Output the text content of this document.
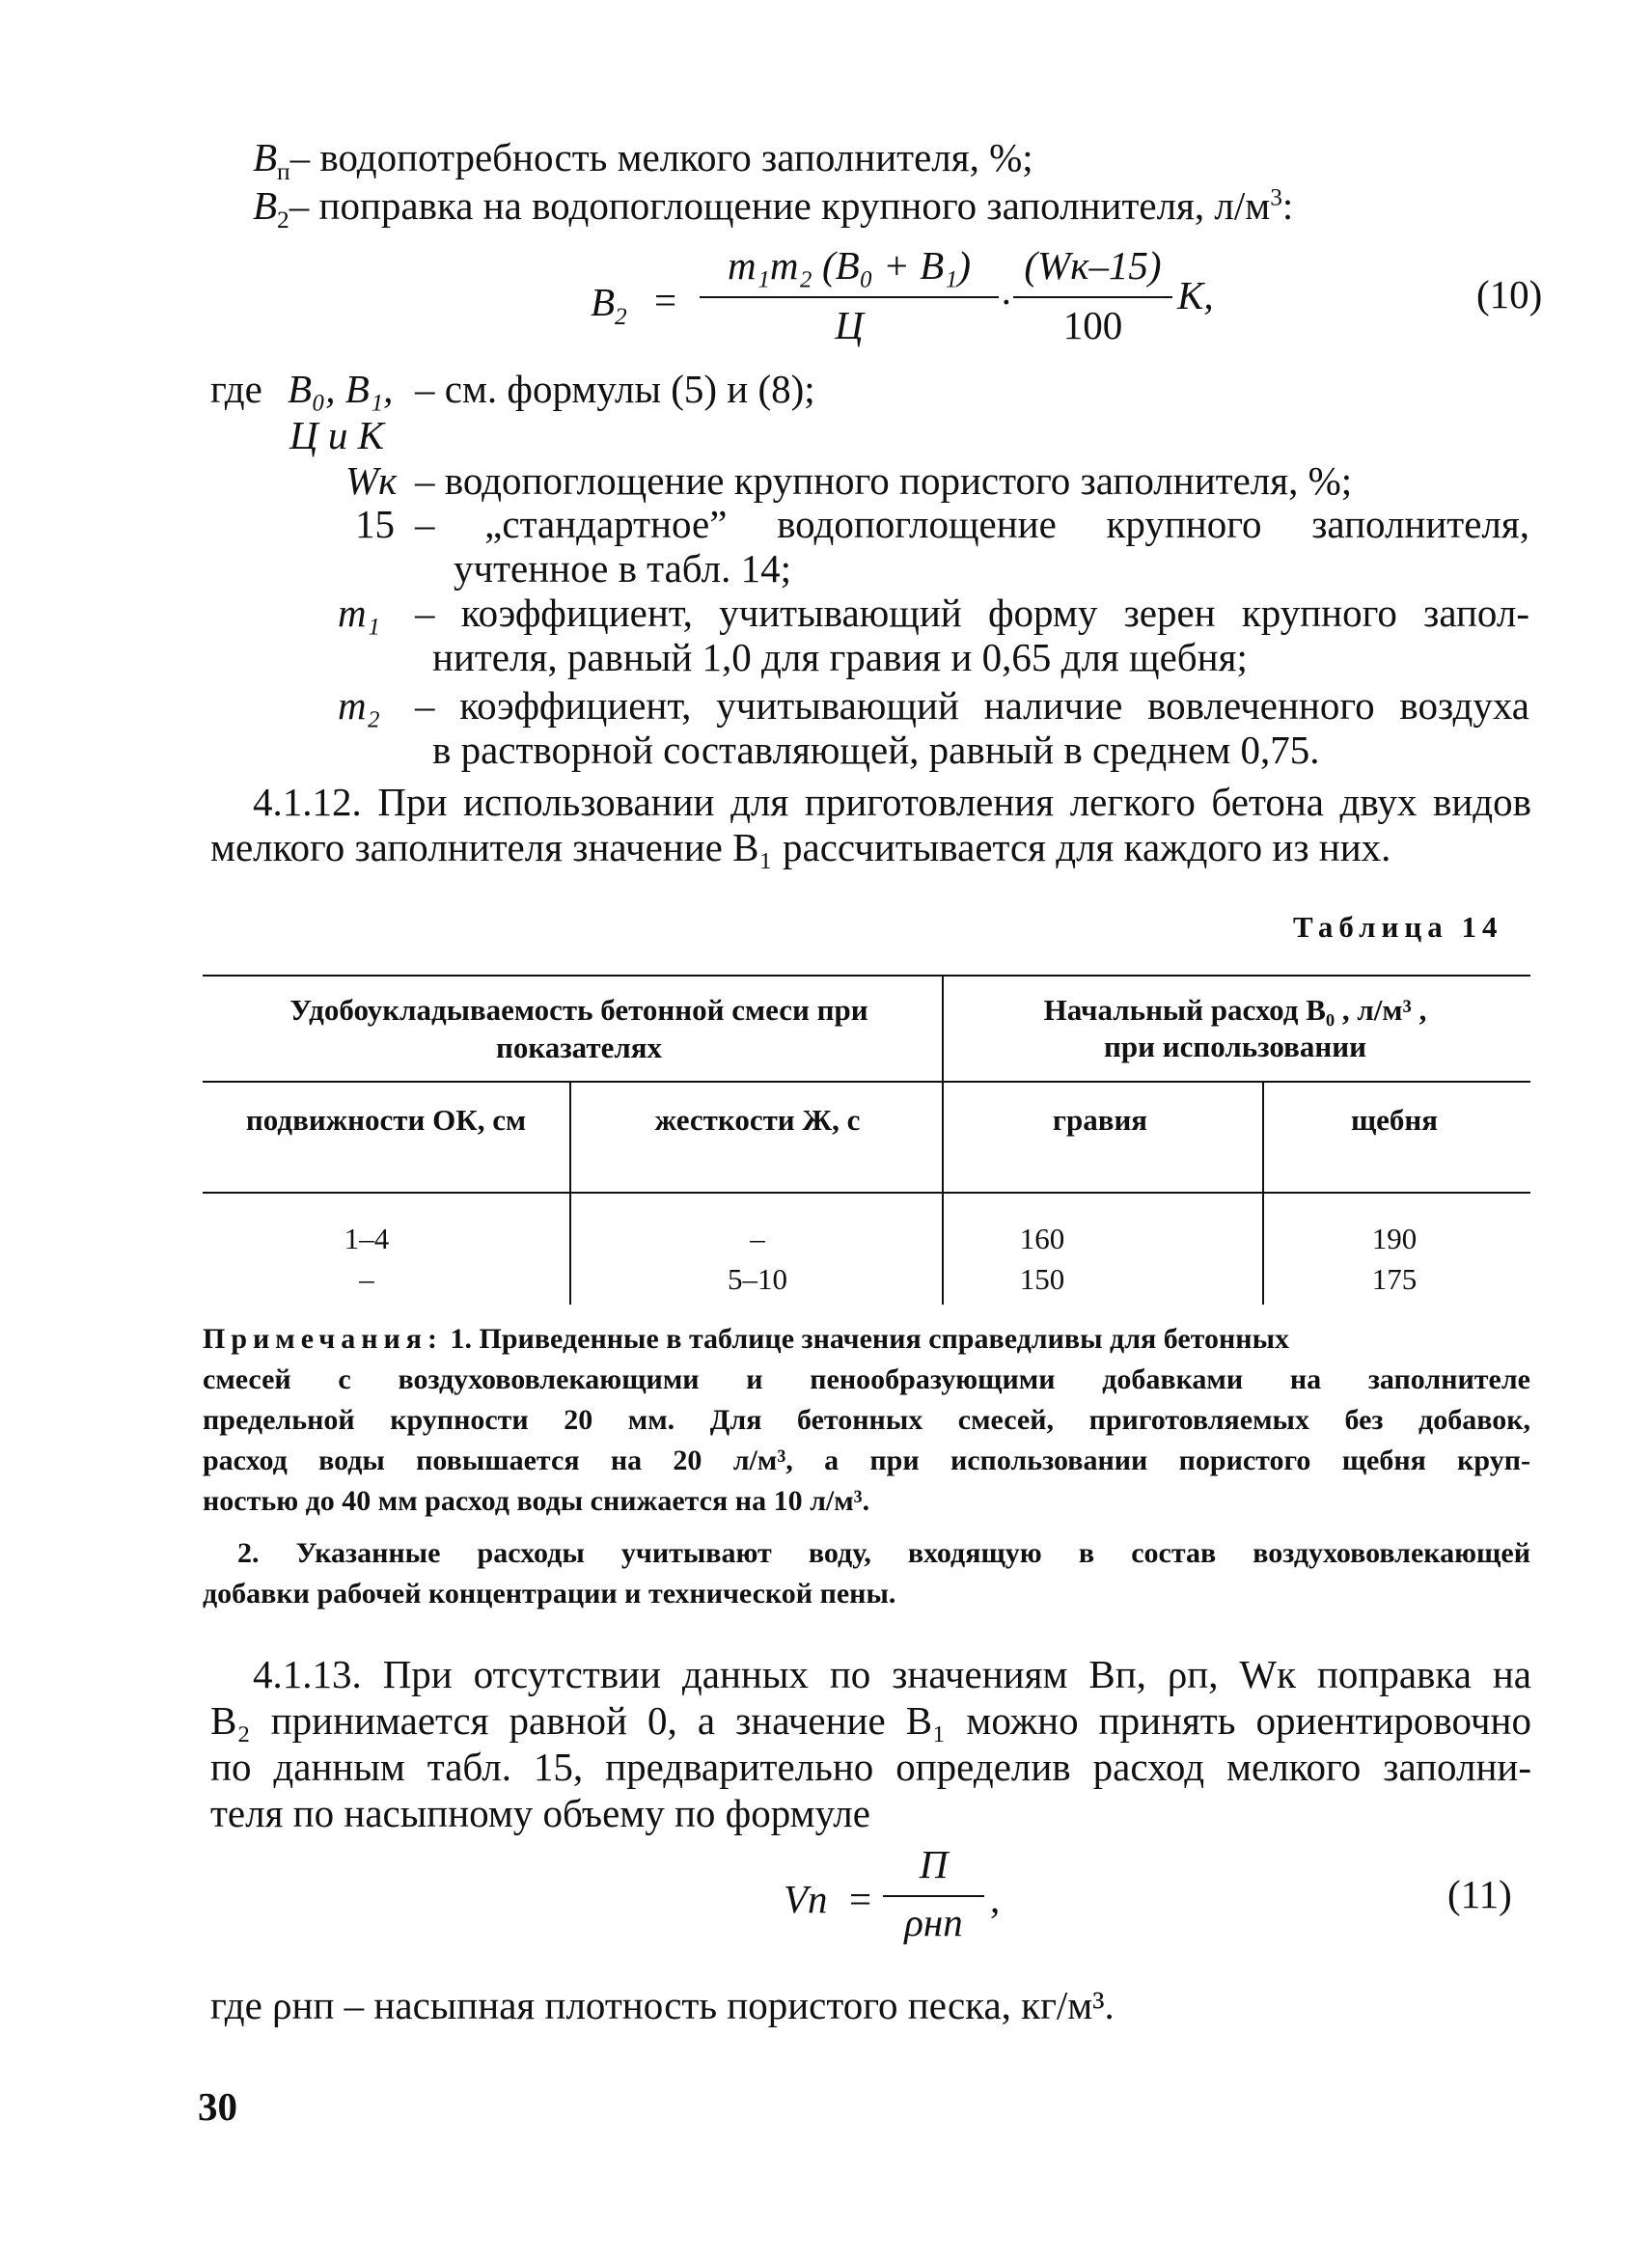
$B_п-$ водопотребность мелкого заполнителя, %;
$B_2-$ поправка на водопоглощение крупного заполнителя, $л/м^3$:
$B_2$ =
m₁m₂ (B₀ + B₁)
Ц
·
(Wк–15)
100
K,	(10)
где B₀, B₁, – см. формулы (5) и (8);
Ц и К
Wк – водопоглощение крупного пористого заполнителя, %;
15 – „стандартное” водопоглощение крупного заполнителя,
учтенное в табл. 14;
m₁ – коэффициент, учитывающий форму зерен крупного запол-
нителя, равный 1,0 для гравия и 0,65 для щебня;
m₂ – коэффициент, учитывающий наличие вовлеченного воздуха
в растворной составляющей, равный в среднем 0,75.
4.1.12. При использовании для приготовления легкого бетона двух видов
мелкого заполнителя значение B₁ рассчитывается для каждого из них.
Таблица 14
Удобоукладываемость бетонной смеси при показателях
Начальный расход B₀ , л/м³ ,
при использовании
подвижности ОК, см	жесткости Ж, с	гравия	щебня
1–4	–	160	190
–	5–10	150	175
Примечания: 1. Приведенные в таблице значения справедливы для бетонных
смесей с воздухововлекающими и пенообразующими добавками на заполнителе
предельной крупности 20 мм. Для бетонных смесей, приготовляемых без добавок,
расход воды повышается на 20 л/м³, а при использовании пористого щебня круп-
ностью до 40 мм расход воды снижается на 10 л/м³.
2. Указанные расходы учитывают воду, входящую в состав воздухововлекающей
добавки рабочей концентрации и технической пены.
4.1.13. При отсутствии данных по значениям Bп, ρп, Wк поправка на
B₂ принимается равной 0, а значение B₁ можно принять ориентировочно
по данным табл. 15, предварительно определив расход мелкого заполни-
теля по насыпному объему по формуле
Vп =
П
ρнп
,	(11)
где ρнп – насыпная плотность пористого песка, кг/м³.
30
